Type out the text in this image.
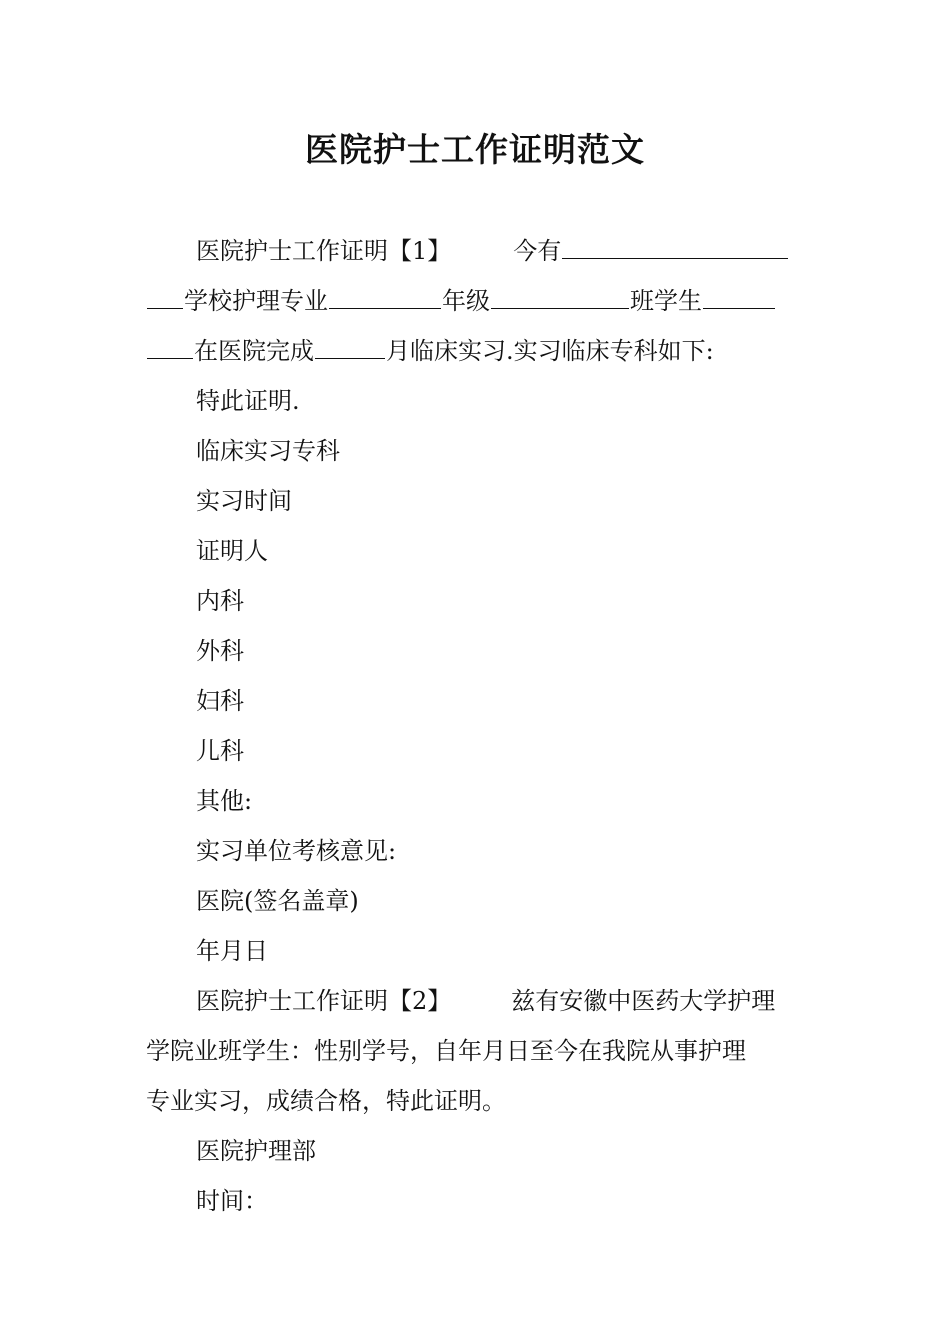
医院护士工作证明范文
医院护士工作证明【1】	今有
学校护理专业	年级	班学生
在医院完成	月临床实习.实习临床专科如下:
特此证明.
临床实习专科
实习时间
证明人
内科
外科
妇科
儿科
其他:
实习单位考核意见:
医院(签名盖章)
年月日
医院护士工作证明【2】	兹有安徽中医药大学护理
学院业班学生：性别学号，自年月日至今在我院从事护理
专业实习，成绩合格，特此证明。
医院护理部
时间：
